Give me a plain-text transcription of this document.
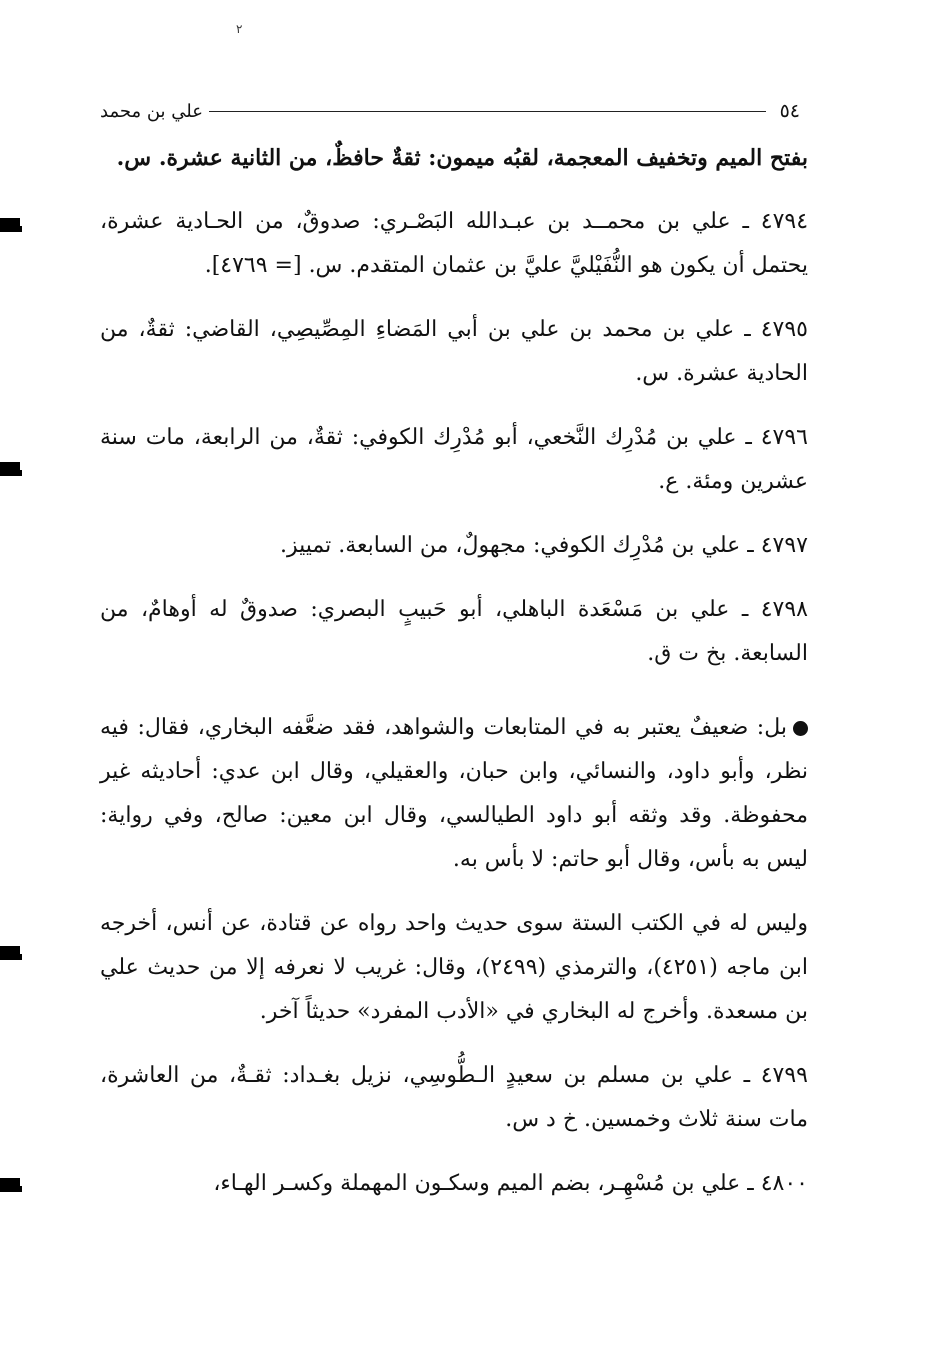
٢
٥٤
علي بن محمد

بفتح الميم وتخفيف المعجمة، لقبُه ميمون: ثقةٌ حافظٌ، من الثانية عشرة. س.

٤٧٩٤ ـ علي بن محمــد بن عبـدالله البَصْـري: صدوقٌ، من الحـادية عشرة، يحتمل أن يكون هو النُّفَيْليَّ عليَّ بن عثمان المتقدم. س. [= ٤٧٦٩].

٤٧٩٥ ـ علي بن محمد بن علي بن أبي المَضاءِ المِصِّيصِي، القاضي: ثقةٌ، من الحادية عشرة. س.

٤٧٩٦ ـ علي بن مُدْرِك النَّخعي، أبو مُدْرِك الكوفي: ثقةٌ، من الرابعة، مات سنة عشرين ومئة. ع.

٤٧٩٧ ـ علي بن مُدْرِك الكوفي: مجهولٌ، من السابعة. تمييز.

٤٧٩٨ ـ علي بن مَسْعَدة الباهلي، أبو حَبيبٍ البصري: صدوقٌ له أوهامٌ، من السابعة. بخ ت ق.

بل: ضعيفٌ يعتبر به في المتابعات والشواهد، فقد ضعَّفه البخاري، فقال: فيه نظر، وأبو داود، والنسائي، وابن حبان، والعقيلي، وقال ابن عدي: أحاديثه غير محفوظة. وقد وثقه أبو داود الطيالسي، وقال ابن معين: صالح، وفي رواية: ليس به بأس، وقال أبو حاتم: لا بأس به.

وليس له في الكتب الستة سوى حديث واحد رواه عن قتادة، عن أنس، أخرجه ابن ماجه (٤٢٥١)، والترمذي (٢٤٩٩)، وقال: غريب لا نعرفه إلا من حديث علي بن مسعدة. وأخرج له البخاري في «الأدب المفرد» حديثاً آخر.

٤٧٩٩ ـ علي بن مسلم بن سعيدٍ الـطُّوسِي، نزيل بغـداد: ثقـةٌ، من العاشرة، مات سنة ثلاث وخمسين. خ د س.

٤٨٠٠ ـ علي بن مُسْهِـر، بضم الميم وسكـون المهملة وكسـر الهـاء،
